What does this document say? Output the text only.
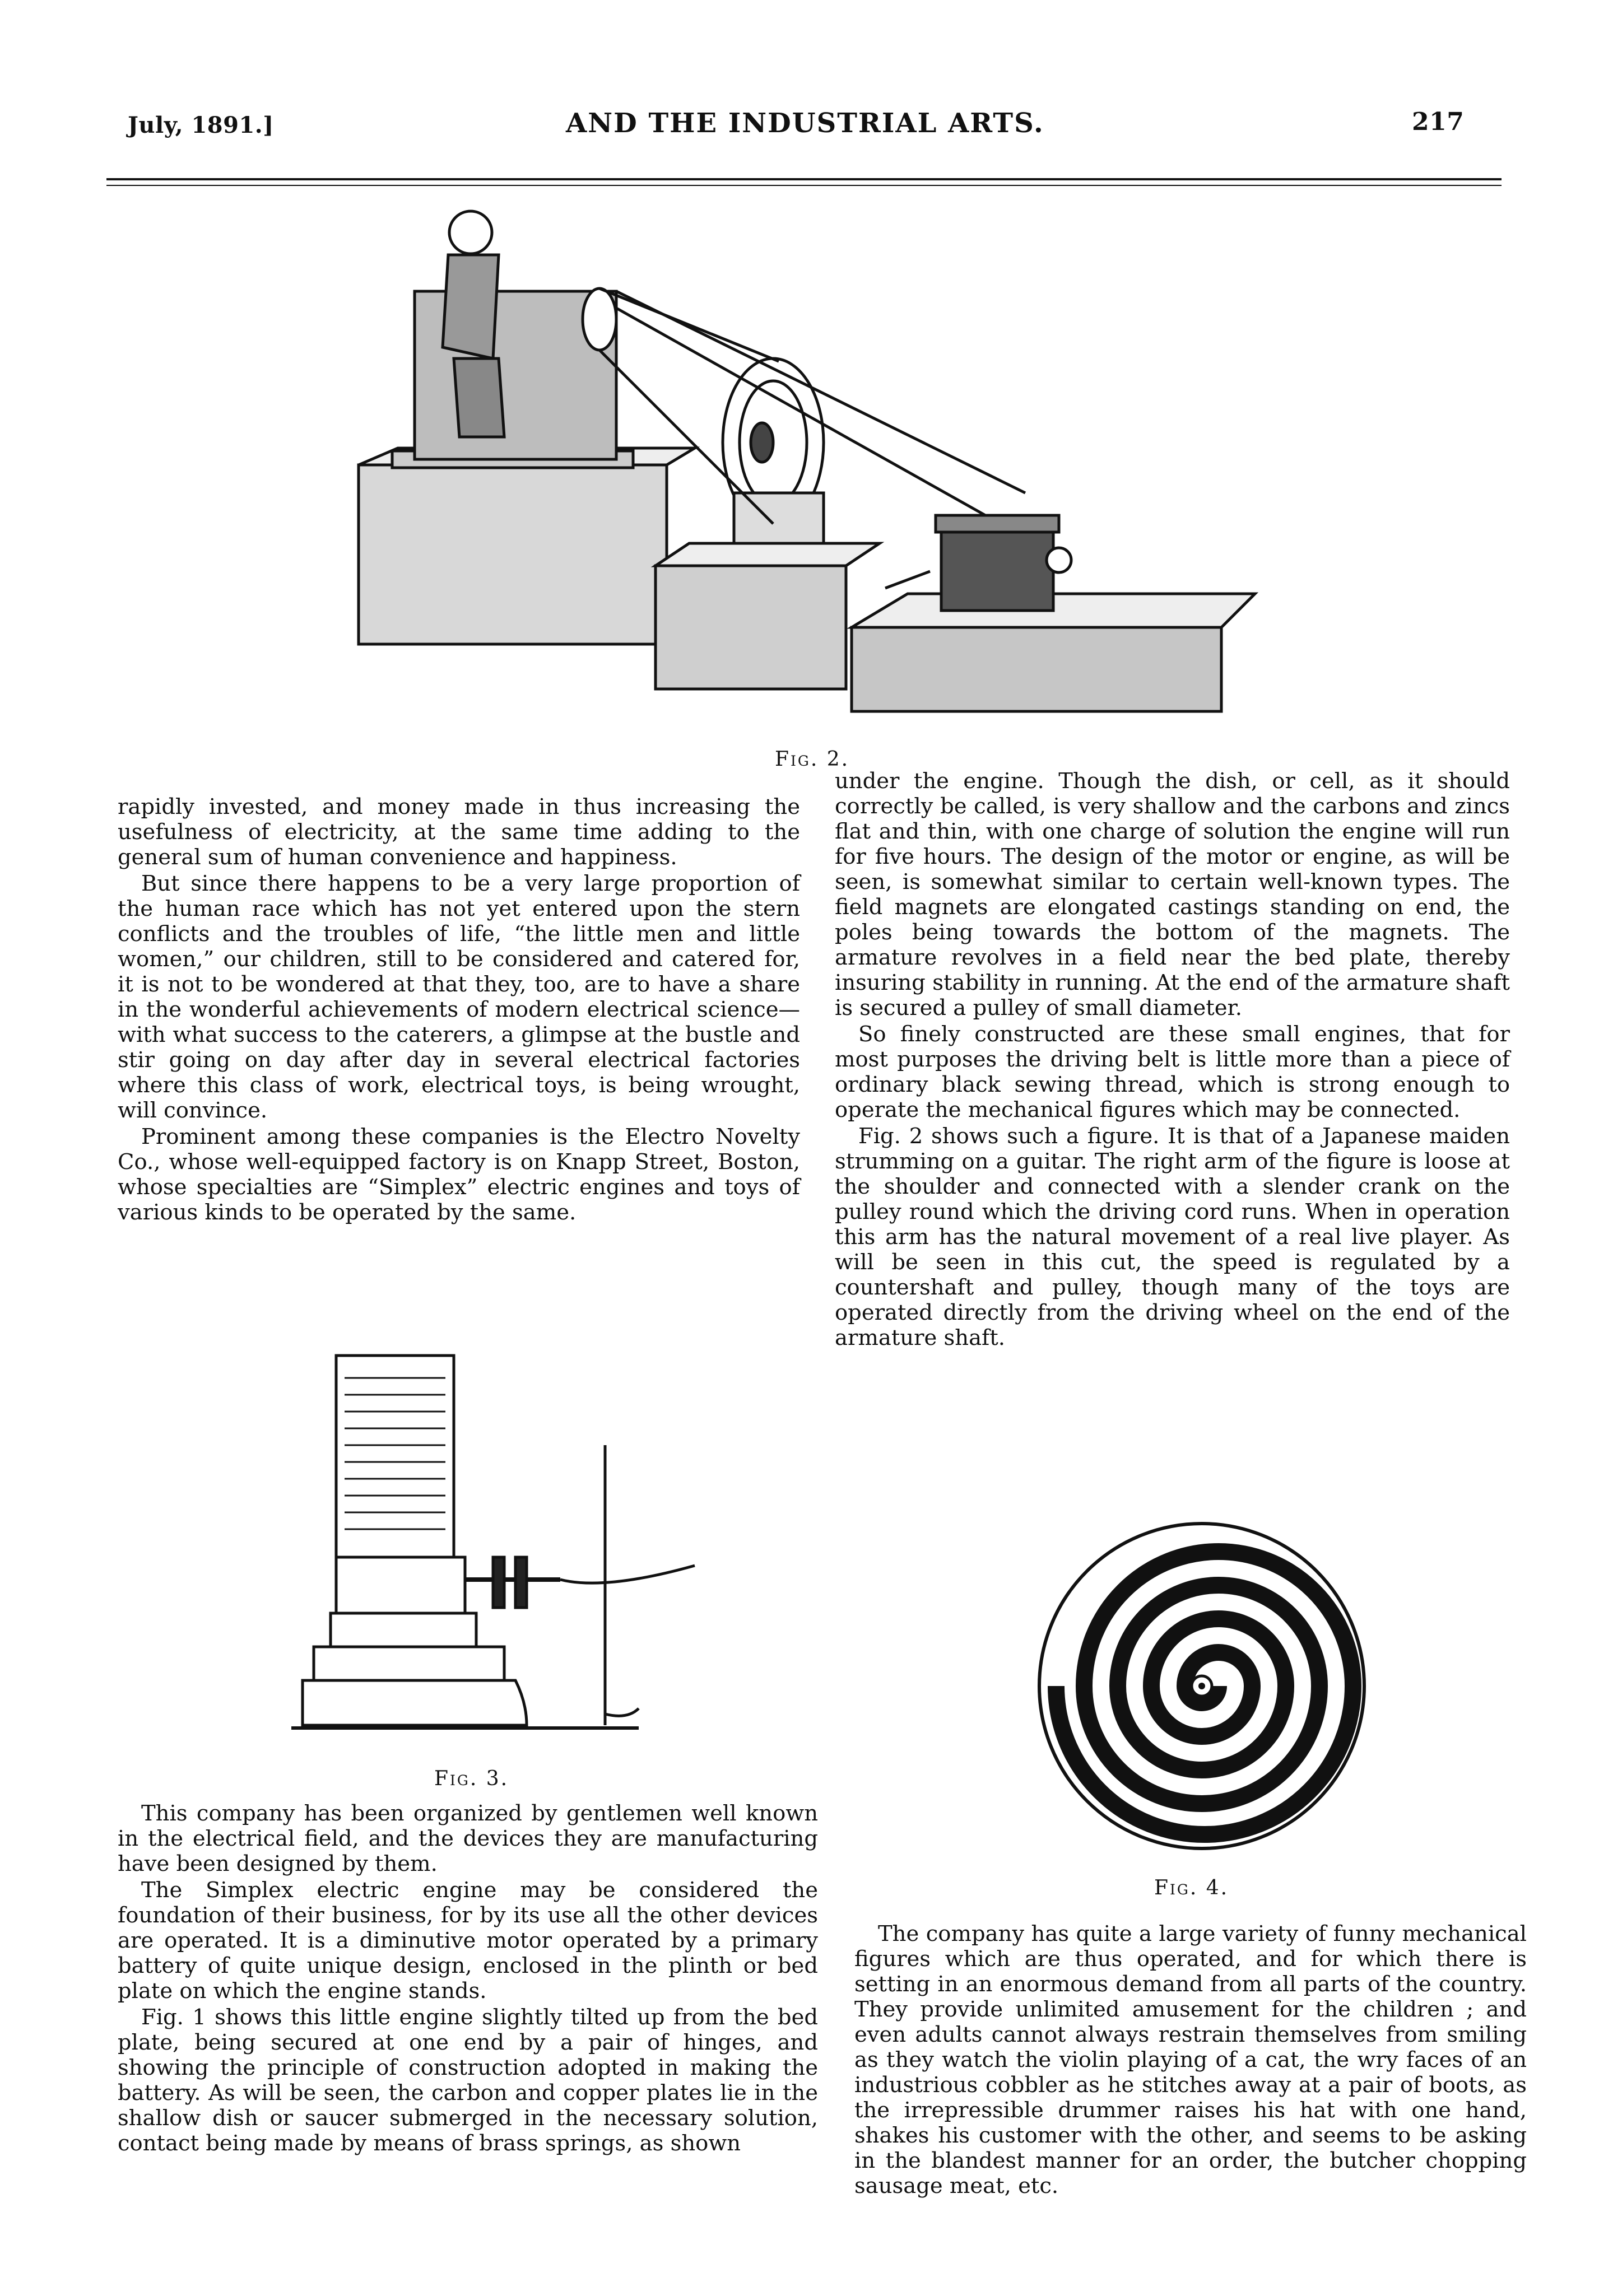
July, 1891.]	AND THE INDUSTRIAL ARTS.	217
Fig. 2.

rapidly invested, and money made in thus increasing the usefulness of electricity, at the same time adding to the general sum of human convenience and happiness.

But since there happens to be a very large proportion of the human race which has not yet entered upon the stern conflicts and the troubles of life, “the little men and little women,” our children, still to be considered and catered for, it is not to be wondered at that they, too, are to have a share in the wonderful achievements of modern electrical science—with what success to the caterers, a glimpse at the bustle and stir going on day after day in several electrical factories where this class of work, electrical toys, is being wrought, will convince.

Prominent among these companies is the Electro Novelty Co., whose well-equipped factory is on Knapp Street, Boston, whose specialties are “Simplex” electric engines and toys of various kinds to be operated by the same.

Fig. 3.

This company has been organized by gentlemen well known in the electrical field, and the devices they are manufacturing have been designed by them.

The Simplex electric engine may be considered the foundation of their business, for by its use all the other devices are operated. It is a diminutive motor operated by a primary battery of quite unique design, enclosed in the plinth or bed plate on which the engine stands.

Fig. 1 shows this little engine slightly tilted up from the bed plate, being secured at one end by a pair of hinges, and showing the principle of construction adopted in making the battery. As will be seen, the carbon and copper plates lie in the shallow dish or saucer submerged in the necessary solution, contact being made by means of brass springs, as shown

under the engine. Though the dish, or cell, as it should correctly be called, is very shallow and the carbons and zincs flat and thin, with one charge of solution the engine will run for five hours. The design of the motor or engine, as will be seen, is somewhat similar to certain well-known types. The field magnets are elongated castings standing on end, the poles being towards the bottom of the magnets. The armature revolves in a field near the bed plate, thereby insuring stability in running. At the end of the armature shaft is secured a pulley of small diameter.

So finely constructed are these small engines, that for most purposes the driving belt is little more than a piece of ordinary black sewing thread, which is strong enough to operate the mechanical figures which may be connected.

Fig. 2 shows such a figure. It is that of a Japanese maiden strumming on a guitar. The right arm of the figure is loose at the shoulder and connected with a slender crank on the pulley round which the driving cord runs. When in operation this arm has the natural movement of a real live player. As will be seen in this cut, the speed is regulated by a countershaft and pulley, though many of the toys are operated directly from the driving wheel on the end of the armature shaft.

Fig. 4.

The company has quite a large variety of funny mechanical figures which are thus operated, and for which there is setting in an enormous demand from all parts of the country. They provide unlimited amusement for the children ; and even adults cannot always restrain themselves from smiling as they watch the violin playing of a cat, the wry faces of an industrious cobbler as he stitches away at a pair of boots, as the irrepressible drummer raises his hat with one hand, shakes his customer with the other, and seems to be asking in the blandest manner for an order, the butcher chopping sausage meat, etc.
